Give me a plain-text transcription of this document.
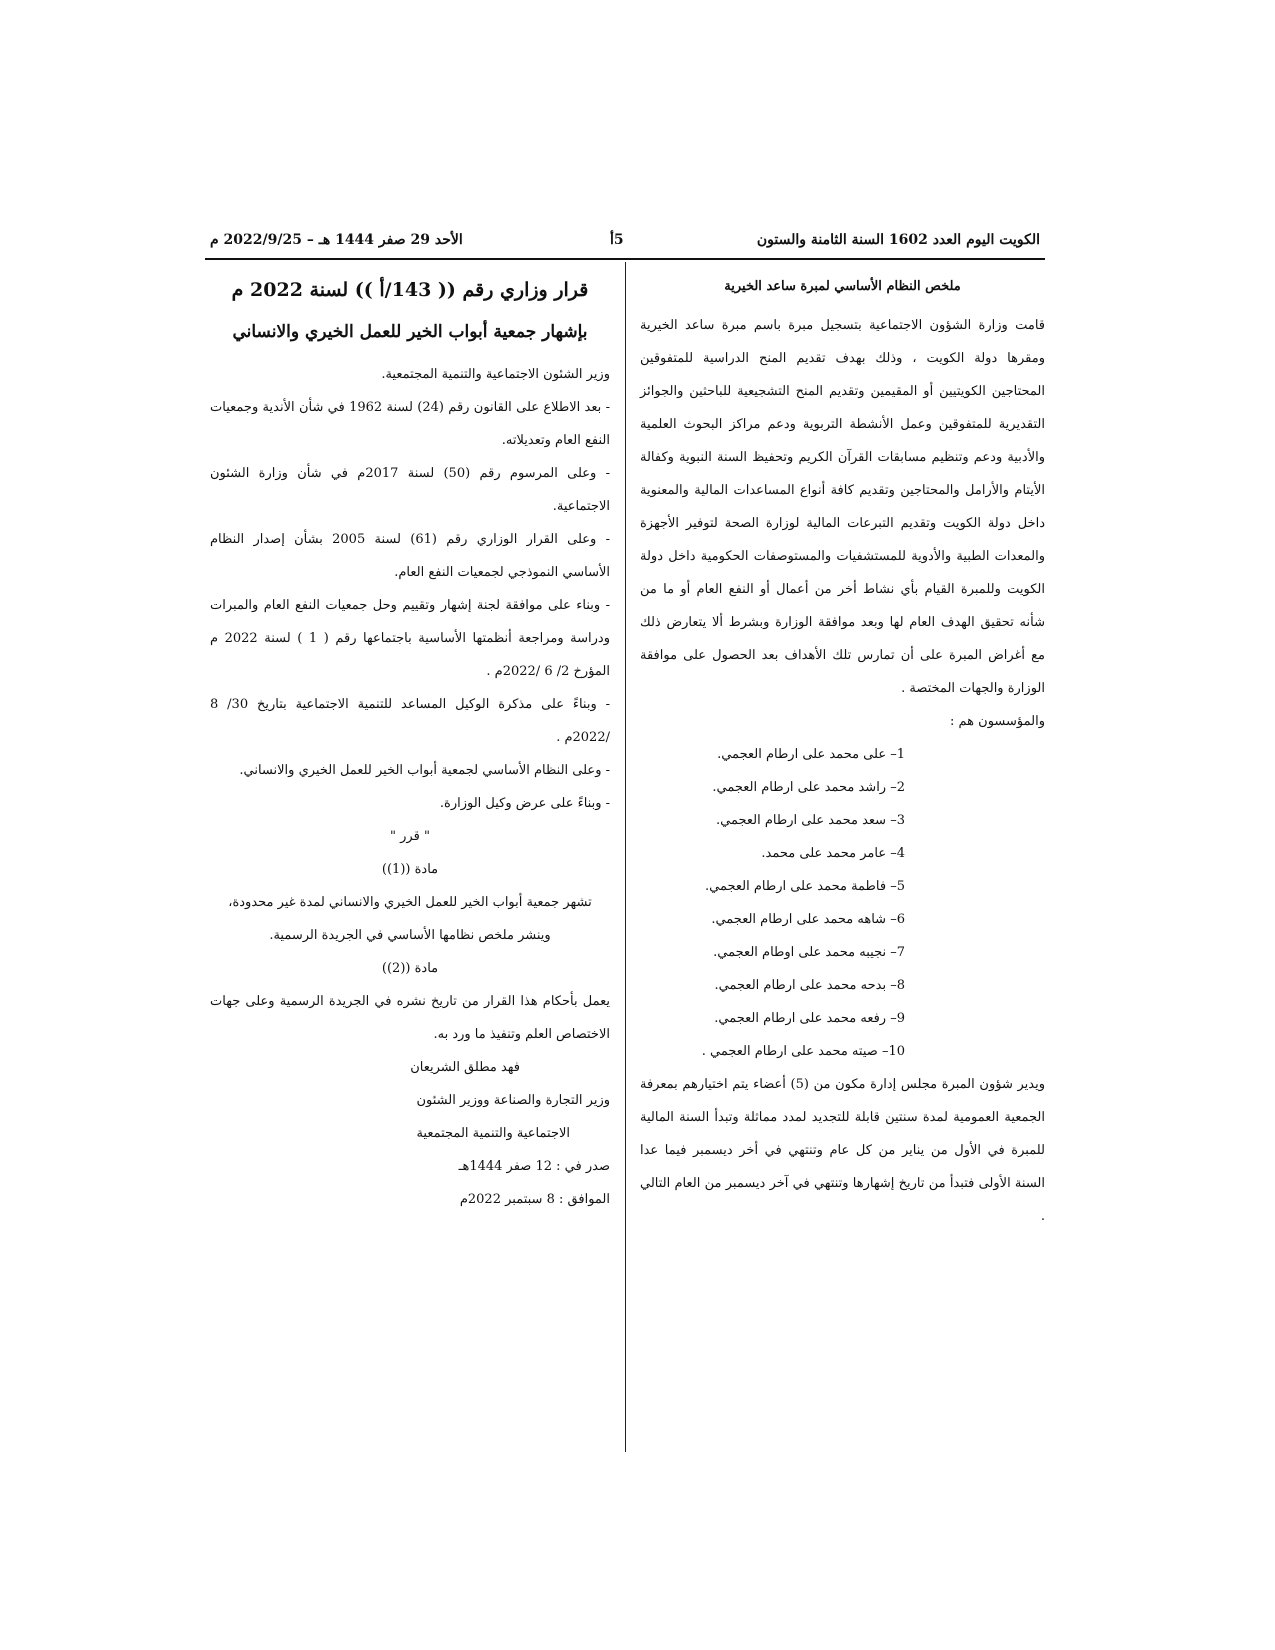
الكويت اليوم العدد 1602 السنة الثامنة والستون
5أ
الأحد 29 صفر 1444 هـ – 2022/9/25 م

ملخص النظام الأساسي لمبرة ساعد الخيرية

قامت وزارة الشؤون الاجتماعية بتسجيل مبرة باسم مبرة ساعد الخيرية ومقرها دولة الكويت ، وذلك بهدف تقديم المنح الدراسية للمتفوقين المحتاجين الكويتيين أو المقيمين وتقديم المنح التشجيعية للباحثين والجوائز التقديرية للمتفوقين وعمل الأنشطة التربوية ودعم مراكز البحوث العلمية والأدبية ودعم وتنظيم مسابقات القرآن الكريم وتحفيظ السنة النبوية وكفالة الأيتام والأرامل والمحتاجين وتقديم كافة أنواع المساعدات المالية والمعنوية داخل دولة الكويت وتقديم التبرعات المالية لوزارة الصحة لتوفير الأجهزة والمعدات الطبية والأدوية للمستشفيات والمستوصفات الحكومية داخل دولة الكويت وللمبرة القيام بأي نشاط أخر من أعمال أو النفع العام أو ما من شأنه تحقيق الهدف العام لها وبعد موافقة الوزارة وبشرط ألا يتعارض ذلك مع أغراض المبرة على أن تمارس تلك الأهداف بعد الحصول على موافقة الوزارة والجهات المختصة .

والمؤسسون هم :

1– على محمد على ارطام العجمي.
2– راشد محمد على ارطام العجمي.
3– سعد محمد على ارطام العجمي.
4– عامر محمد على محمد.
5– فاطمة محمد على ارطام العجمي.
6– شاهه محمد على ارطام العجمي.
7– نجيبه محمد على اوطام العجمي.
8– بدحه محمد على ارطام العجمي.
9– رفعه محمد على ارطام العجمي.
10– صيته محمد على ارطام العجمي .

ويدير شؤون المبرة مجلس إدارة مكون من (5) أعضاء يتم اختيارهم بمعرفة الجمعية العمومية لمدة سنتين قابلة للتجديد لمدد مماثلة وتبدأ السنة المالية للمبرة في الأول من يناير من كل عام وتنتهي في أخر ديسمبر فيما عدا السنة الأولى فتبدأ من تاريخ إشهارها وتنتهي في آخر ديسمبر من العام التالي .

قرار وزاري رقم (( 143/أ )) لسنة 2022 م

بإشهار جمعية أبواب الخير للعمل الخيري والانساني

وزير الشئون الاجتماعية والتنمية المجتمعية.

- بعد الاطلاع على القانون رقم (24) لسنة 1962 في شأن الأندية وجمعيات النفع العام وتعديلاته.

- وعلى المرسوم رقم (50) لسنة 2017م في شأن وزارة الشئون الاجتماعية.

- وعلى القرار الوزاري رقم (61) لسنة 2005 بشأن إصدار النظام الأساسي النموذجي لجمعيات النفع العام.

- وبناء على موافقة لجنة إشهار وتقييم وحل جمعيات النفع العام والمبرات ودراسة ومراجعة أنظمتها الأساسية باجتماعها رقم ( 1 ) لسنة 2022 م المؤرخ 2/ 6 /2022م .

- وبناءً على مذكرة الوكيل المساعد للتنمية الاجتماعية بتاريخ 30/ 8 /2022م .

- وعلى النظام الأساسي لجمعية أبواب الخير للعمل الخيري والانساني.

- وبناءً على عرض وكيل الوزارة.

" قرر "

مادة ((1))

تشهر جمعية أبواب الخير للعمل الخيري والانساني لمدة غير محدودة، وينشر ملخص نظامها الأساسي في الجريدة الرسمية.

مادة ((2))

يعمل بأحكام هذا القرار من تاريخ نشره في الجريدة الرسمية وعلى جهات الاختصاص العلم وتنفيذ ما ورد به.

فهد مطلق الشريعان

وزير التجارة والصناعة ووزير الشئون

الاجتماعية والتنمية المجتمعية

صدر في : 12 صفر 1444هـ

الموافق : 8 سبتمبر 2022م
